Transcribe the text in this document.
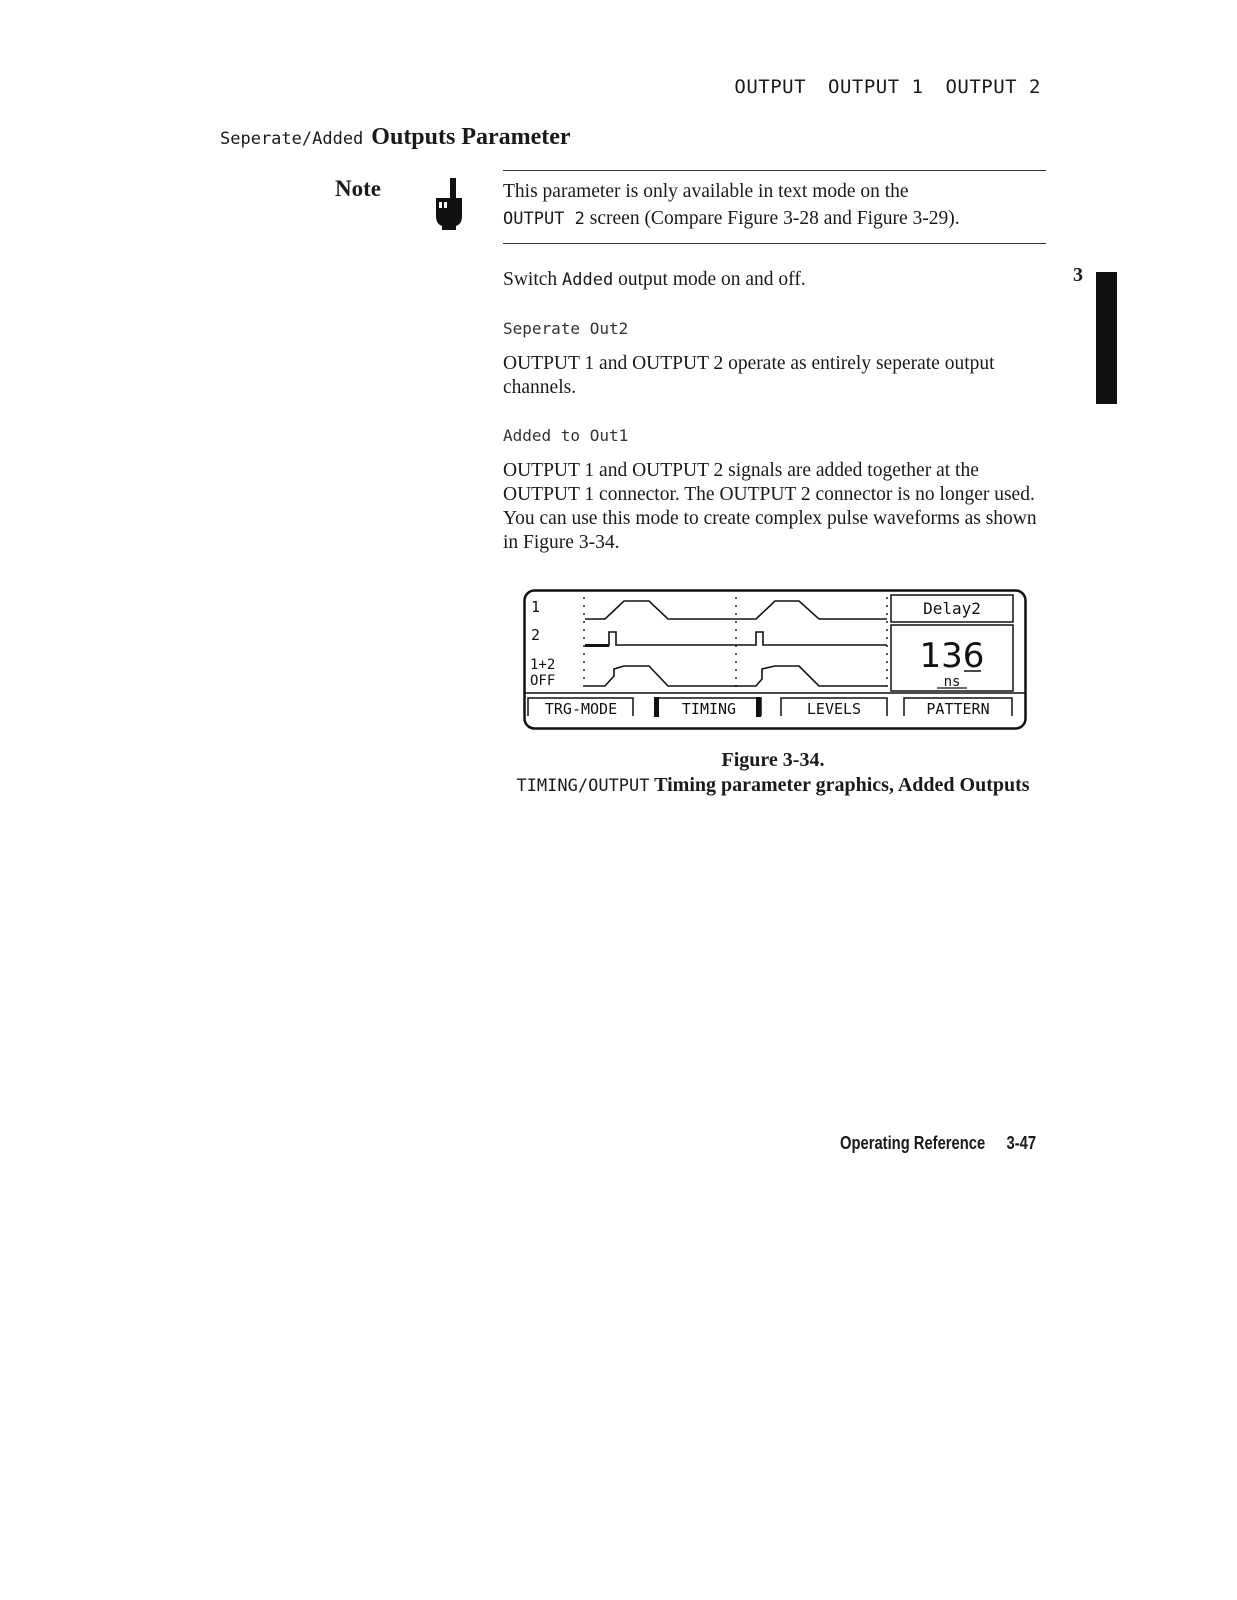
OUTPUT OUTPUT 1 OUTPUT 2
Seperate/Added Outputs Parameter
Note	This parameter is only available in text mode on the
OUTPUT 2 screen (Compare Figure 3-28 and Figure 3-29).
Switch Added output mode on and off.
Seperate Out2
OUTPUT 1 and OUTPUT 2 operate as entirely seperate output channels.
Added to Out1
OUTPUT 1 and OUTPUT 2 signals are added together at the OUTPUT 1 connector. The OUTPUT 2 connector is no longer used. You can use this mode to create complex pulse waveforms as shown in Figure 3-34.
3
1
2
1+2
OFF
Delay2
136
ns
TRG-MODE	TIMING	LEVELS	PATTERN
Figure 3-34.
TIMING/OUTPUT Timing parameter graphics, Added Outputs
Operating Reference 3-47
